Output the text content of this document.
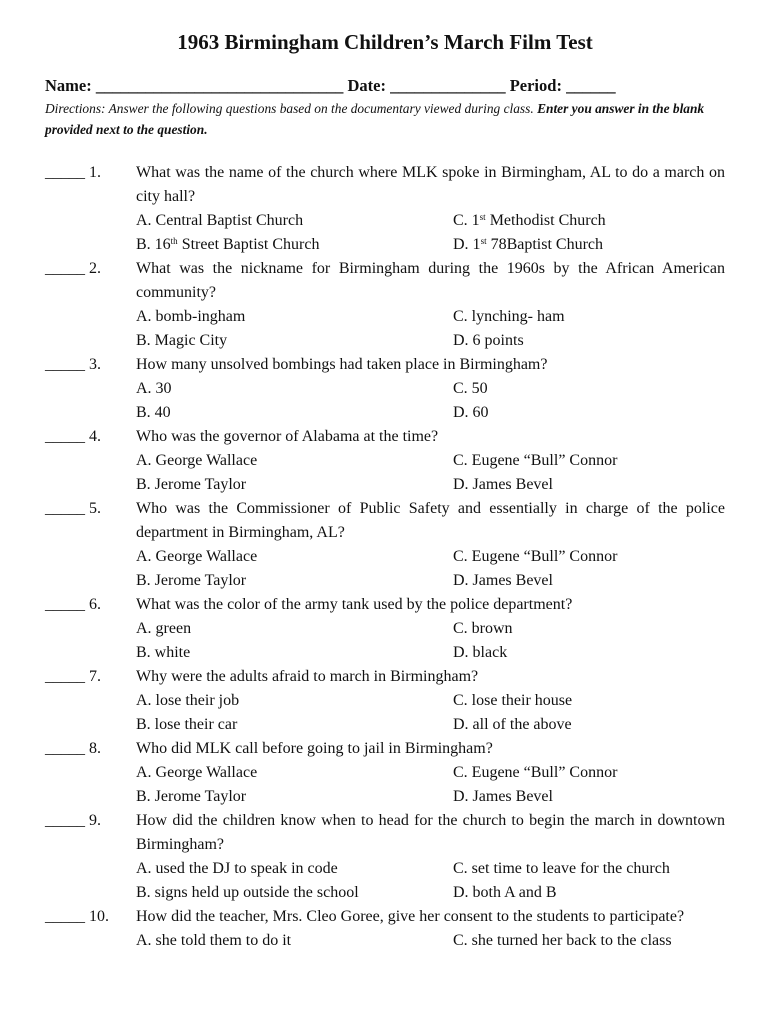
1963 Birmingham Children’s March Film Test
Name: ______________________________ Date: ______________ Period: ______
Directions: Answer the following questions based on the documentary viewed during class. Enter you answer in the blank provided next to the question.
_____ 1.	What was the name of the church where MLK spoke in Birmingham, AL to do a march on city hall?
A. Central Baptist Church	C. 1st Methodist Church
B. 16th Street Baptist Church	D. 1st 78Baptist Church
_____ 2.	What was the nickname for Birmingham during the 1960s by the African American community?
A. bomb-ingham	C. lynching- ham
B. Magic City	D. 6 points
_____ 3.	How many unsolved bombings had taken place in Birmingham?
A. 30	C. 50
B. 40	D. 60
_____ 4.	Who was the governor of Alabama at the time?
A. George Wallace	C. Eugene “Bull” Connor
B. Jerome Taylor	D. James Bevel
_____ 5.	Who was the Commissioner of Public Safety and essentially in charge of the police department in Birmingham, AL?
A. George Wallace	C. Eugene “Bull” Connor
B. Jerome Taylor	D. James Bevel
_____ 6.	What was the color of the army tank used by the police department?
A. green	C. brown
B. white	D. black
_____ 7.	Why were the adults afraid to march in Birmingham?
A. lose their job	C. lose their house
B. lose their car	D. all of the above
_____ 8.	Who did MLK call before going to jail in Birmingham?
A. George Wallace	C. Eugene “Bull” Connor
B. Jerome Taylor	D. James Bevel
_____ 9.	How did the children know when to head for the church to begin the march in downtown Birmingham?
A. used the DJ to speak in code	C. set time to leave for the church
B. signs held up outside the school	D. both A and B
_____ 10.	How did the teacher, Mrs. Cleo Goree, give her consent to the students to participate?
A. she told them to do it	C. she turned her back to the class
